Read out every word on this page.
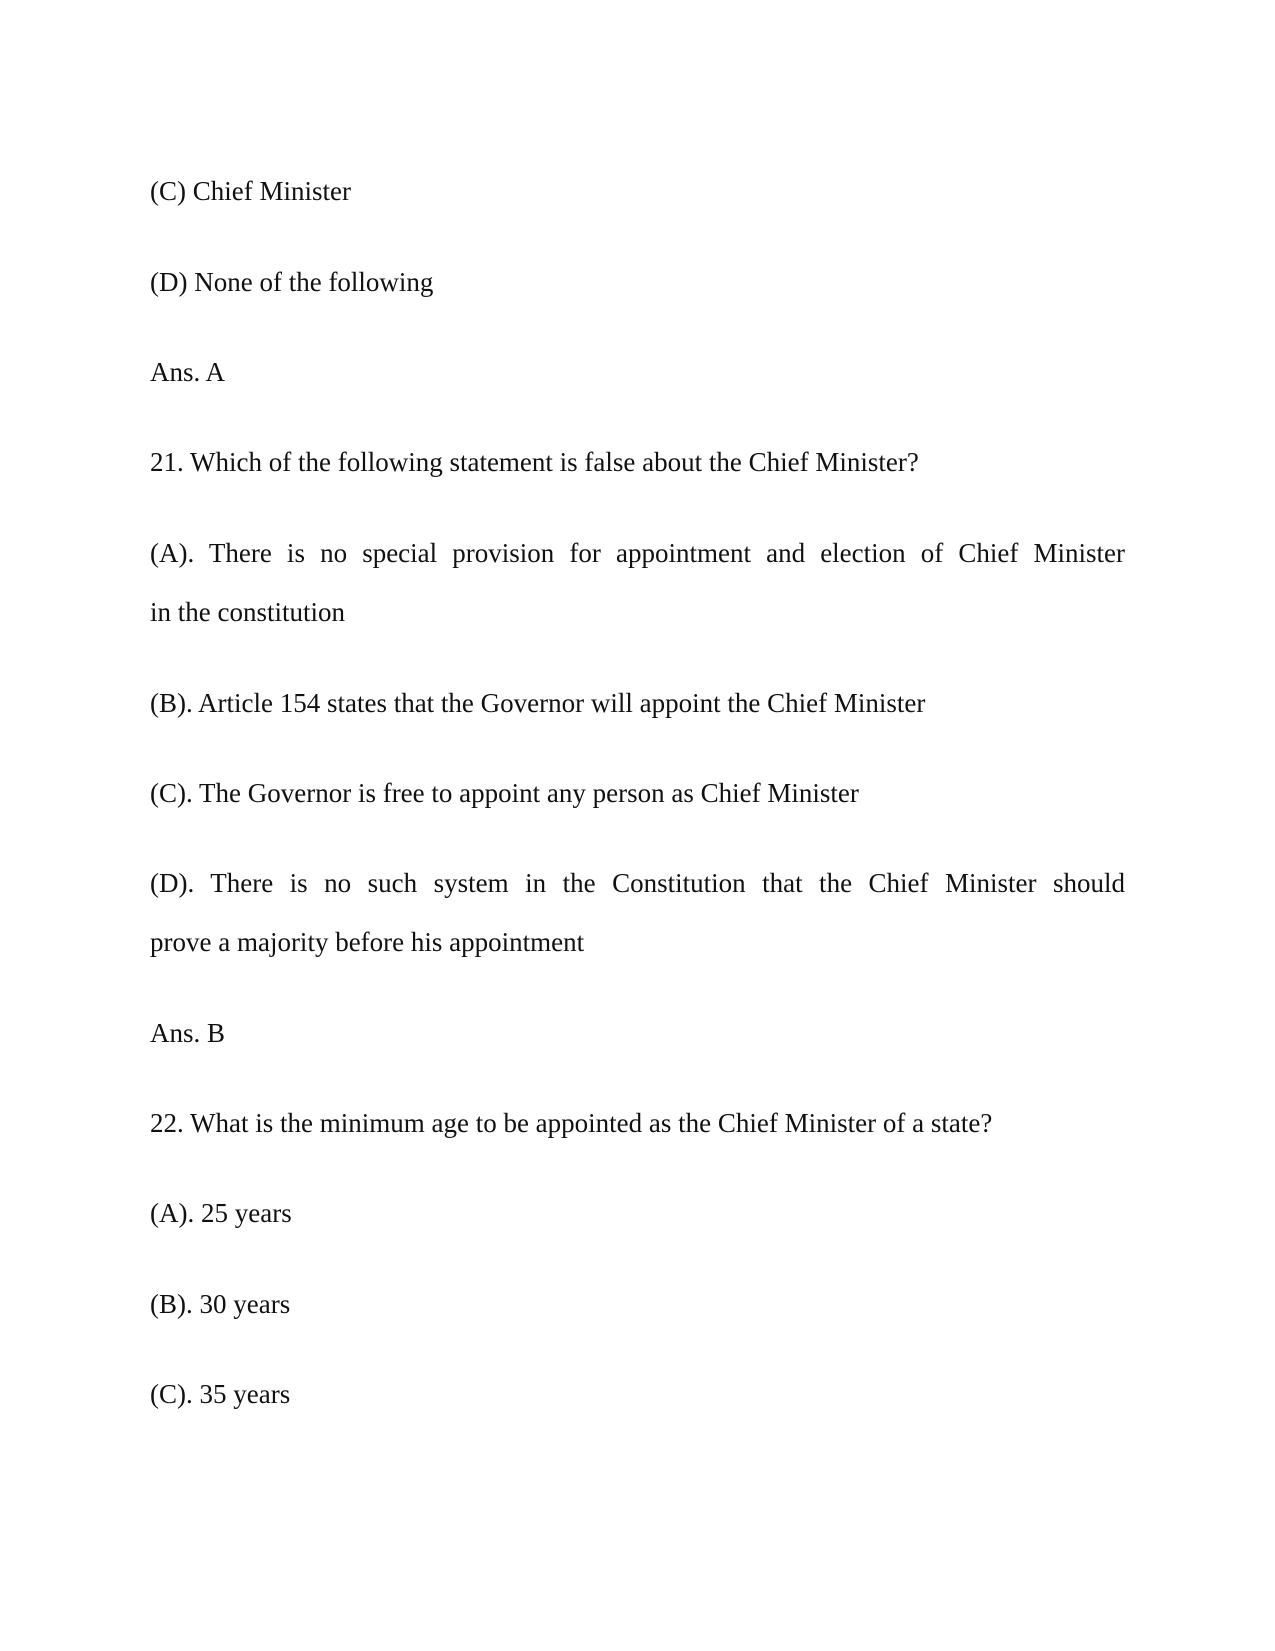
(C) Chief Minister
(D) None of the following
Ans. A
21. Which of the following statement is false about the Chief Minister?
(A). There is no special provision for appointment and election of Chief Minister
in the constitution
(B). Article 154 states that the Governor will appoint the Chief Minister
(C). The Governor is free to appoint any person as Chief Minister
(D). There is no such system in the Constitution that the Chief Minister should
prove a majority before his appointment
Ans. B
22. What is the minimum age to be appointed as the Chief Minister of a state?
(A). 25 years
(B). 30 years
(C). 35 years
